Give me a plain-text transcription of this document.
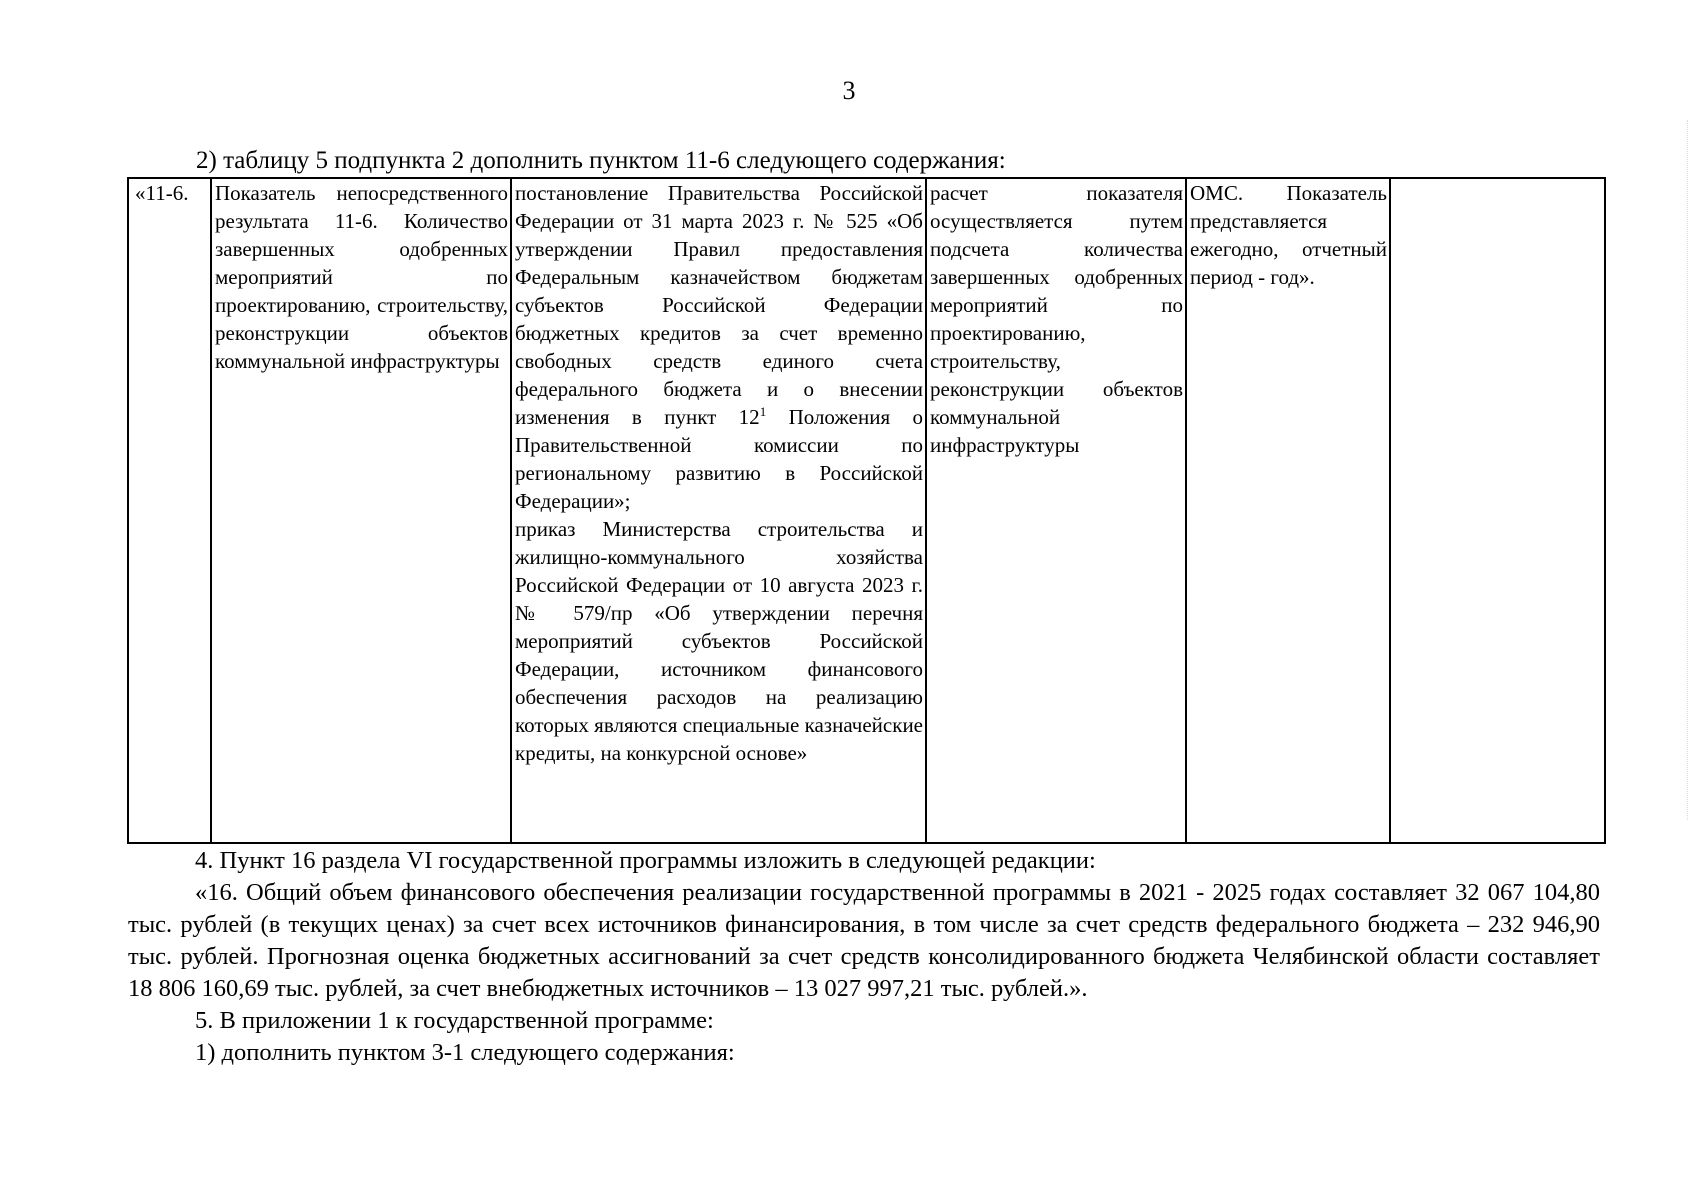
3
2) таблицу 5 подпункта 2 дополнить пунктом 11-6 следующего содержания:
«11-6.	Показатель непосредственного результата 11-6. Количество завершенных одобренных мероприятий по проектированию, строительству, реконструкции объектов коммунальной инфраструктуры	постановление Правительства Российской Федерации от 31 марта 2023 г. № 525 «Об утверждении Правил предоставления Федеральным казначейством бюджетам субъектов Российской Федерации бюджетных кредитов за счет временно свободных средств единого счета федерального бюджета и о внесении изменения в пункт $12^1$ Положения о Правительственной комиссии по региональному развитию в Российской Федерации»;
приказ Министерства строительства и жилищно-коммунального хозяйства Российской Федерации от 10 августа 2023 г. № 579/пр «Об утверждении перечня мероприятий субъектов Российской Федерации, источником финансового обеспечения расходов на реализацию которых являются специальные казначейские кредиты, на конкурсной основе»	расчет показателя осуществляется путем подсчета количества завершенных одобренных мероприятий по проектированию, строительству, реконструкции объектов коммунальной инфраструктуры	ОМС. Показатель представляется ежегодно, отчетный период - год».	

4. Пункт 16 раздела VI государственной программы изложить в следующей редакции:

«16. Общий объем финансового обеспечения реализации государственной программы в 2021 - 2025 годах составляет 32 067 104,80 тыс. рублей (в текущих ценах) за счет всех источников финансирования, в том числе за счет средств федерального бюджета – 232 946,90 тыс. рублей. Прогнозная оценка бюджетных ассигнований за счет средств консолидированного бюджета Челябинской области составляет 18 806 160,69 тыс. рублей, за счет внебюджетных источников – 13 027 997,21 тыс. рублей.».

5. В приложении 1 к государственной программе:

1) дополнить пунктом 3-1 следующего содержания:
